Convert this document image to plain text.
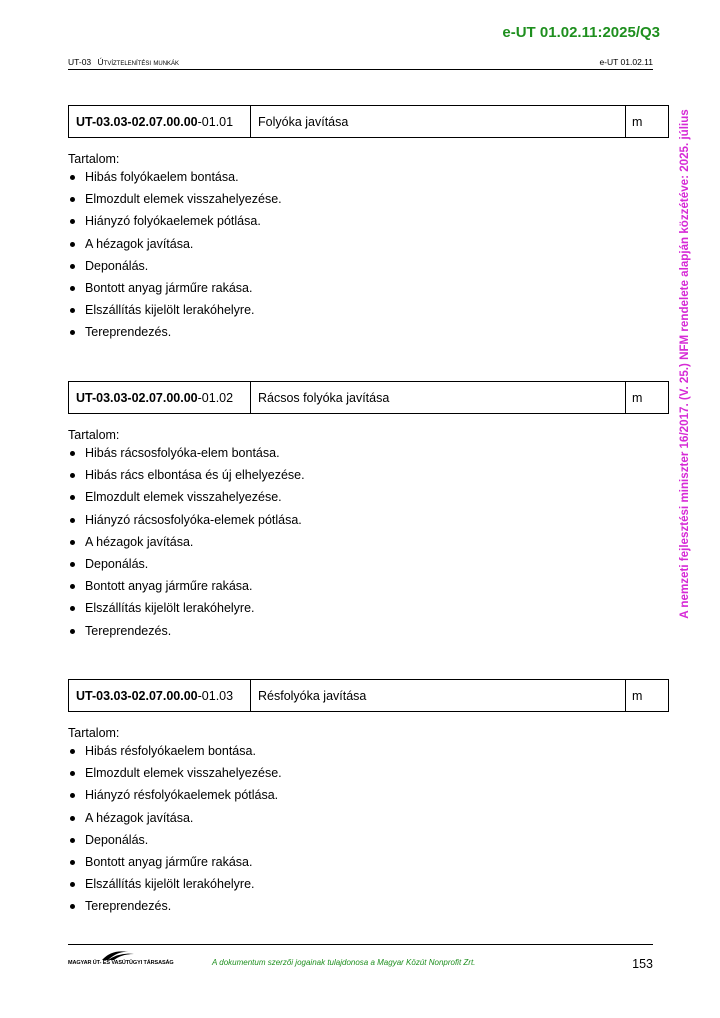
e-UT 01.02.11:2025/Q3
UT-03 Útvíztelenítési munkák	e-UT 01.02.11
A nemzeti fejlesztési miniszter 16/2017. (V. 25.) NFM rendelete alapján közzétéve: 2025. július
UT-03.03-02.07.00.00 -01.01	Folyóka javítása	m
Tartalom:
Hibás folyókaelem bontása.
Elmozdult elemek visszahelyezése.
Hiányzó folyókaelemek pótlása.
A hézagok javítása.
Deponálás.
Bontott anyag járműre rakása.
Elszállítás kijelölt lerakóhelyre.
Tereprendezés.
UT-03.03-02.07.00.00 -01.02	Rácsos folyóka javítása	m
Tartalom:
Hibás rácsosfolyóka-elem bontása.
Hibás rács elbontása és új elhelyezése.
Elmozdult elemek visszahelyezése.
Hiányzó rácsosfolyóka-elemek pótlása.
A hézagok javítása.
Deponálás.
Bontott anyag járműre rakása.
Elszállítás kijelölt lerakóhelyre.
Tereprendezés.
UT-03.03-02.07.00.00 -01.03	Résfolyóka javítása	m
Tartalom:
Hibás résfolyókaelem bontása.
Elmozdult elemek visszahelyezése.
Hiányzó résfolyókaelemek pótlása.
A hézagok javítása.
Deponálás.
Bontott anyag járműre rakása.
Elszállítás kijelölt lerakóhelyre.
Tereprendezés.
MAGYAR ÚT- ÉS VASÚTÜGYI TÁRSASÁG	A dokumentum szerzői jogainak tulajdonosa a Magyar Közút Nonprofit Zrt.	153
